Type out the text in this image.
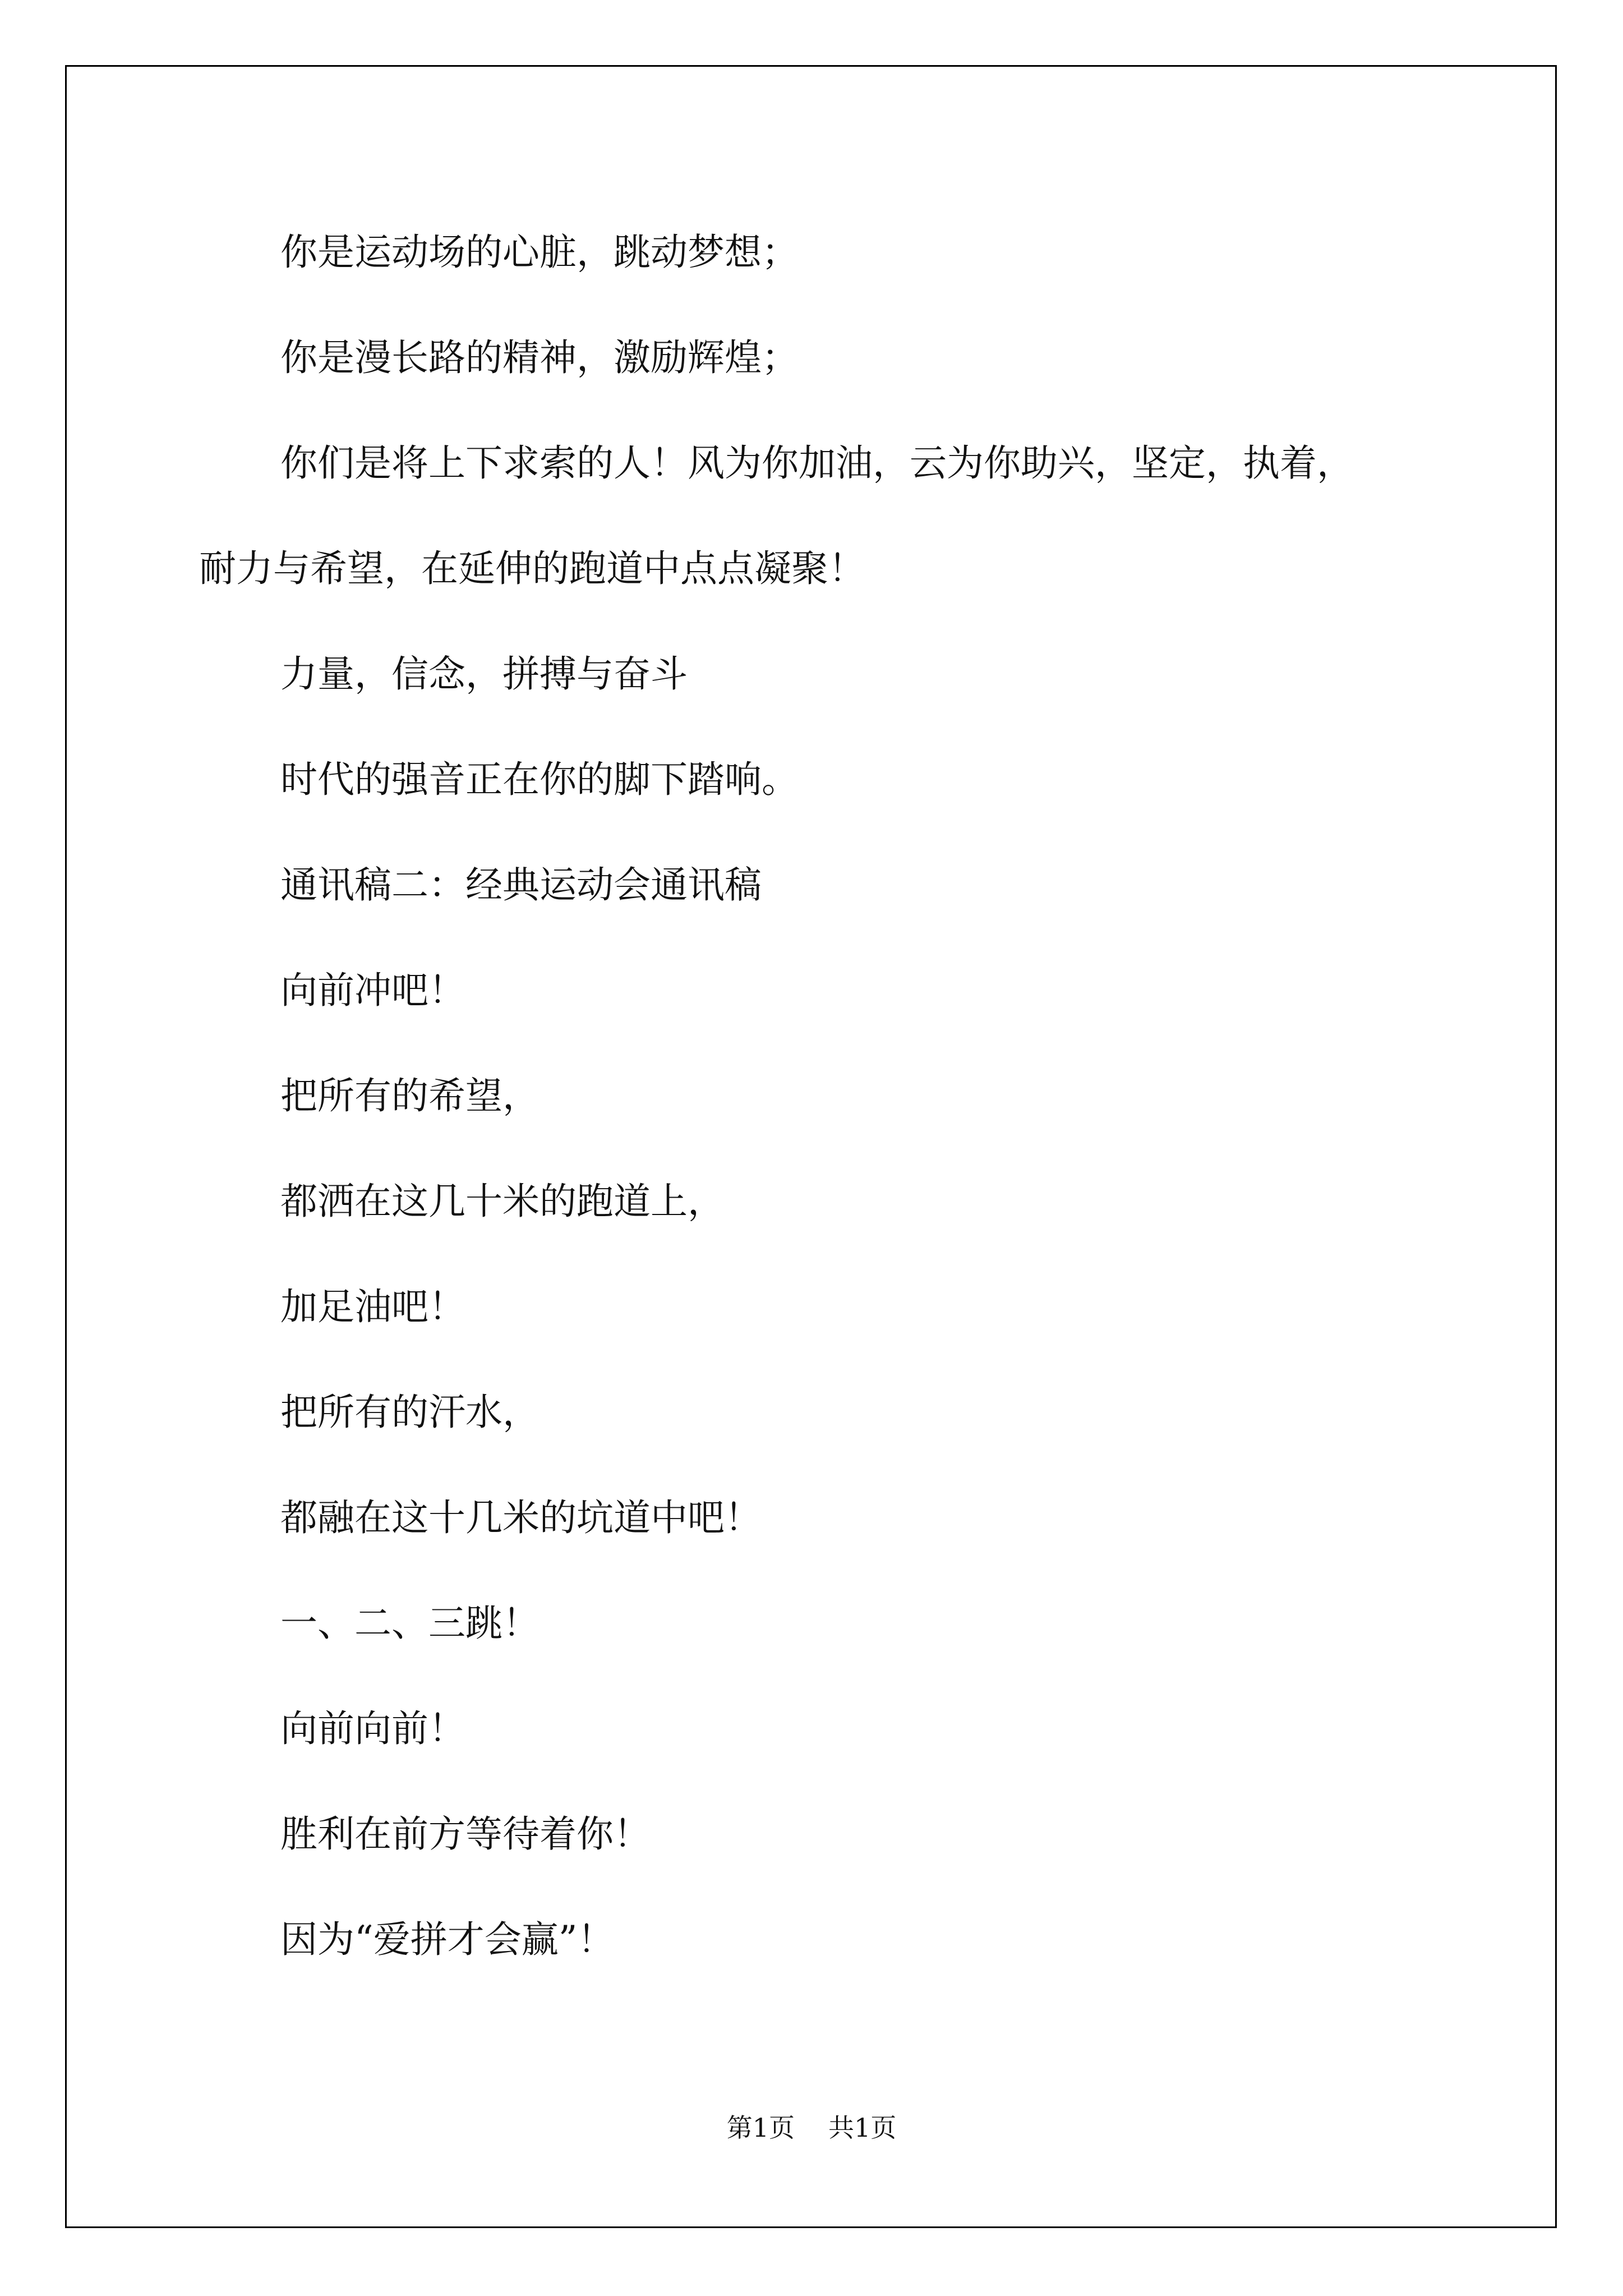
你是运动场的心脏，跳动梦想；

你是漫长路的精神，激励辉煌；

你们是将上下求索的人！风为你加油，云为你助兴，坚定，执着，

耐力与希望，在延伸的跑道中点点凝聚！

力量，信念，拼搏与奋斗

时代的强音正在你的脚下踏响。

通讯稿二：经典运动会通讯稿

向前冲吧！

把所有的希望，

都洒在这几十米的跑道上，

加足油吧！

把所有的汗水，

都融在这十几米的坑道中吧！

一、二、三跳！

向前向前！

胜利在前方等待着你！

因为“爱拼才会赢”！

第1页 共1页
